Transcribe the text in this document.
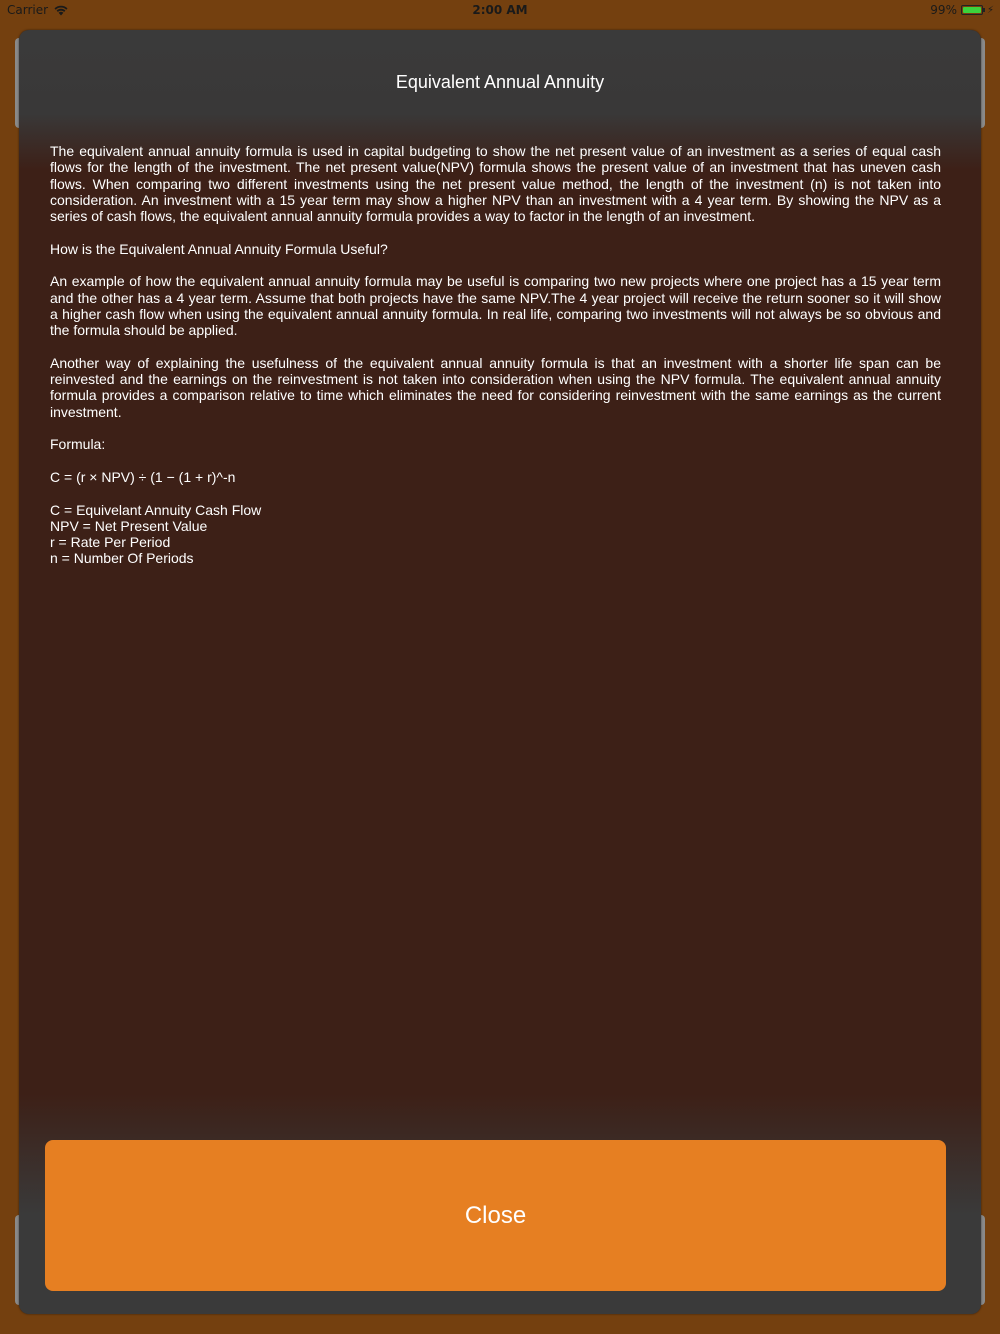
Carrier	2:00 AM	99%	⚡
Equivalent Annual Annuity

The equivalent annual annuity formula is used in capital budgeting to show the net present value of an investment as a series of equal cash flows for the length of the investment. The net present value(NPV) formula shows the present value of an investment that has uneven cash flows. When comparing two different investments using the net present value method, the length of the investment (n) is not taken into consideration. An investment with a 15 year term may show a higher NPV than an investment with a 4 year term. By showing the NPV as a series of cash flows, the equivalent annual annuity formula provides a way to factor in the length of an investment.

How is the Equivalent Annual Annuity Formula Useful?

An example of how the equivalent annual annuity formula may be useful is comparing two new projects where one project has a 15 year term and the other has a 4 year term. Assume that both projects have the same NPV.The 4 year project will receive the return sooner so it will show a higher cash flow when using the equivalent annual annuity formula. In real life, comparing two investments will not always be so obvious and the formula should be applied.

Another way of explaining the usefulness of the equivalent annual annuity formula is that an investment with a shorter life span can be reinvested and the earnings on the reinvestment is not taken into consideration when using the NPV formula. The equivalent annual annuity formula provides a comparison relative to time which eliminates the need for considering reinvestment with the same earnings as the current investment.

Formula:

C = (r × NPV) ÷ (1 − (1 + r)^-n

C = Equivelant Annuity Cash Flow
NPV = Net Present Value
r = Rate Per Period
n = Number Of Periods
Close
